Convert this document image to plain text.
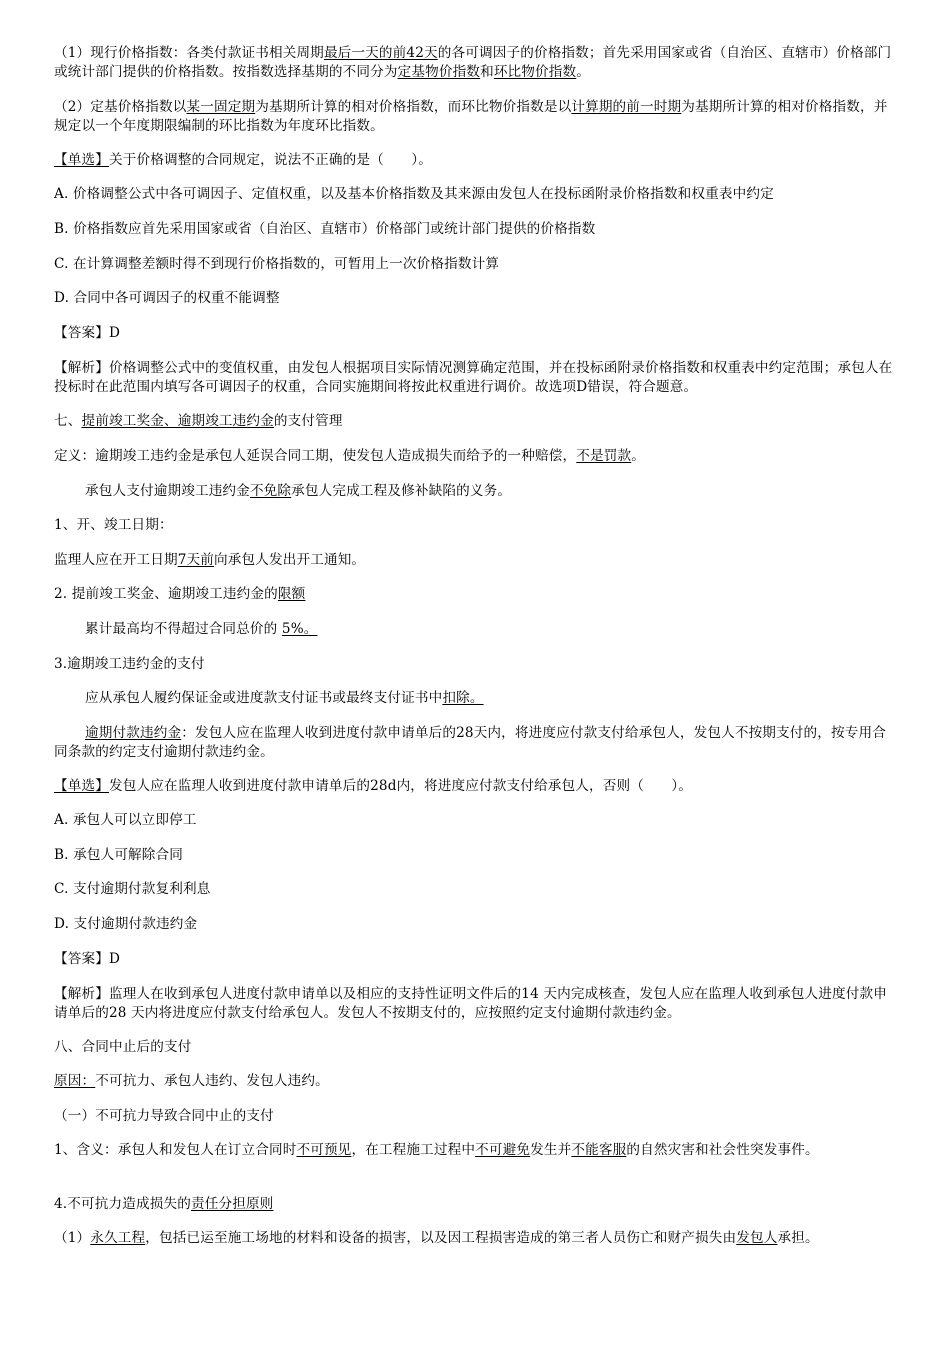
（1）现行价格指数：各类付款证书相关周期最后一天的前42天的各可调因子的价格指数；首先采用国家或省（自治区、直辖市）价格部门或统计部门提供的价格指数。按指数选择基期的不同分为定基物价指数和环比物价指数。

（2）定基价格指数以某一固定期为基期所计算的相对价格指数，而环比物价指数是以计算期的前一时期为基期所计算的相对价格指数，并规定以一个年度期限编制的环比指数为年度环比指数。

【单选】关于价格调整的合同规定，说法不正确的是（　　）。

A. 价格调整公式中各可调因子、定值权重，以及基本价格指数及其来源由发包人在投标函附录价格指数和权重表中约定

B. 价格指数应首先采用国家或省（自治区、直辖市）价格部门或统计部门提供的价格指数

C. 在计算调整差额时得不到现行价格指数的，可暂用上一次价格指数计算

D. 合同中各可调因子的权重不能调整

【答案】D

【解析】价格调整公式中的变值权重，由发包人根据项目实际情况测算确定范围，并在投标函附录价格指数和权重表中约定范围；承包人在投标时在此范围内填写各可调因子的权重，合同实施期间将按此权重进行调价。故选项D错误，符合题意。

七、提前竣工奖金、逾期竣工违约金的支付管理

定义：逾期竣工违约金是承包人延误合同工期，使发包人造成损失而给予的一种赔偿，不是罚款。

承包人支付逾期竣工违约金不免除承包人完成工程及修补缺陷的义务。

1、开、竣工日期：

监理人应在开工日期7天前向承包人发出开工通知。

2. 提前竣工奖金、逾期竣工违约金的限额

累计最高均不得超过合同总价的 5%。

3.逾期竣工违约金的支付

应从承包人履约保证金或进度款支付证书或最终支付证书中扣除。

逾期付款违约金：发包人应在监理人收到进度付款申请单后的28天内，将进度应付款支付给承包人，发包人不按期支付的，按专用合同条款的约定支付逾期付款违约金。

【单选】发包人应在监理人收到进度付款申请单后的28d内，将进度应付款支付给承包人，否则（　　）。

A. 承包人可以立即停工

B. 承包人可解除合同

C. 支付逾期付款复利利息

D. 支付逾期付款违约金

【答案】D

【解析】监理人在收到承包人进度付款申请单以及相应的支持性证明文件后的14 天内完成核查，发包人应在监理人收到承包人进度付款申请单后的28 天内将进度应付款支付给承包人。发包人不按期支付的，应按照约定支付逾期付款违约金。

八、合同中止后的支付

原因：不可抗力、承包人违约、发包人违约。

（一）不可抗力导致合同中止的支付

1、含义：承包人和发包人在订立合同时不可预见，在工程施工过程中不可避免发生并不能客服的自然灾害和社会性突发事件。

4.不可抗力造成损失的责任分担原则

（1）永久工程，包括已运至施工场地的材料和设备的损害，以及因工程损害造成的第三者人员伤亡和财产损失由发包人承担。
